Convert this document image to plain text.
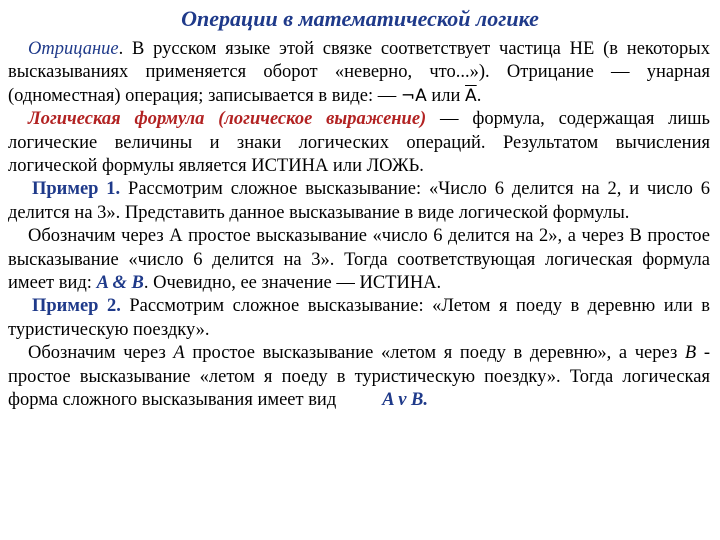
Операции в математической логике

Отрицание. В русском языке этой связке соответствует частица НЕ (в некоторых высказываниях применяется оборот «неверно, что...»). Отрицание — унарная (одноместная) операция; записывается в виде: — ¬A или $\overline{A}$.

Логическая формула (логическое выражение) — формула, содержащая лишь логические величины и знаки логических операций. Результатом вычисления логической формулы является ИСТИНА или ЛОЖЬ.

Пример 1. Рассмотрим сложное высказывание: «Число 6 делится на 2, и число 6 делится на 3». Представить данное высказывание в виде логической формулы.

Обозначим через А простое высказывание «число 6 делится на 2», а через В простое высказывание «число 6 делится на 3». Тогда соответствующая логическая формула имеет вид: A & B. Очевидно, ее значение — ИСТИНА.

Пример 2. Рассмотрим сложное высказывание: «Летом я поеду в деревню или в туристическую поездку».

Обозначим через А простое высказывание «летом я поеду в деревню», а через В - простое высказывание «летом я поеду в туристическую поездку». Тогда логическая форма сложного высказывания имеет вид A v B.
